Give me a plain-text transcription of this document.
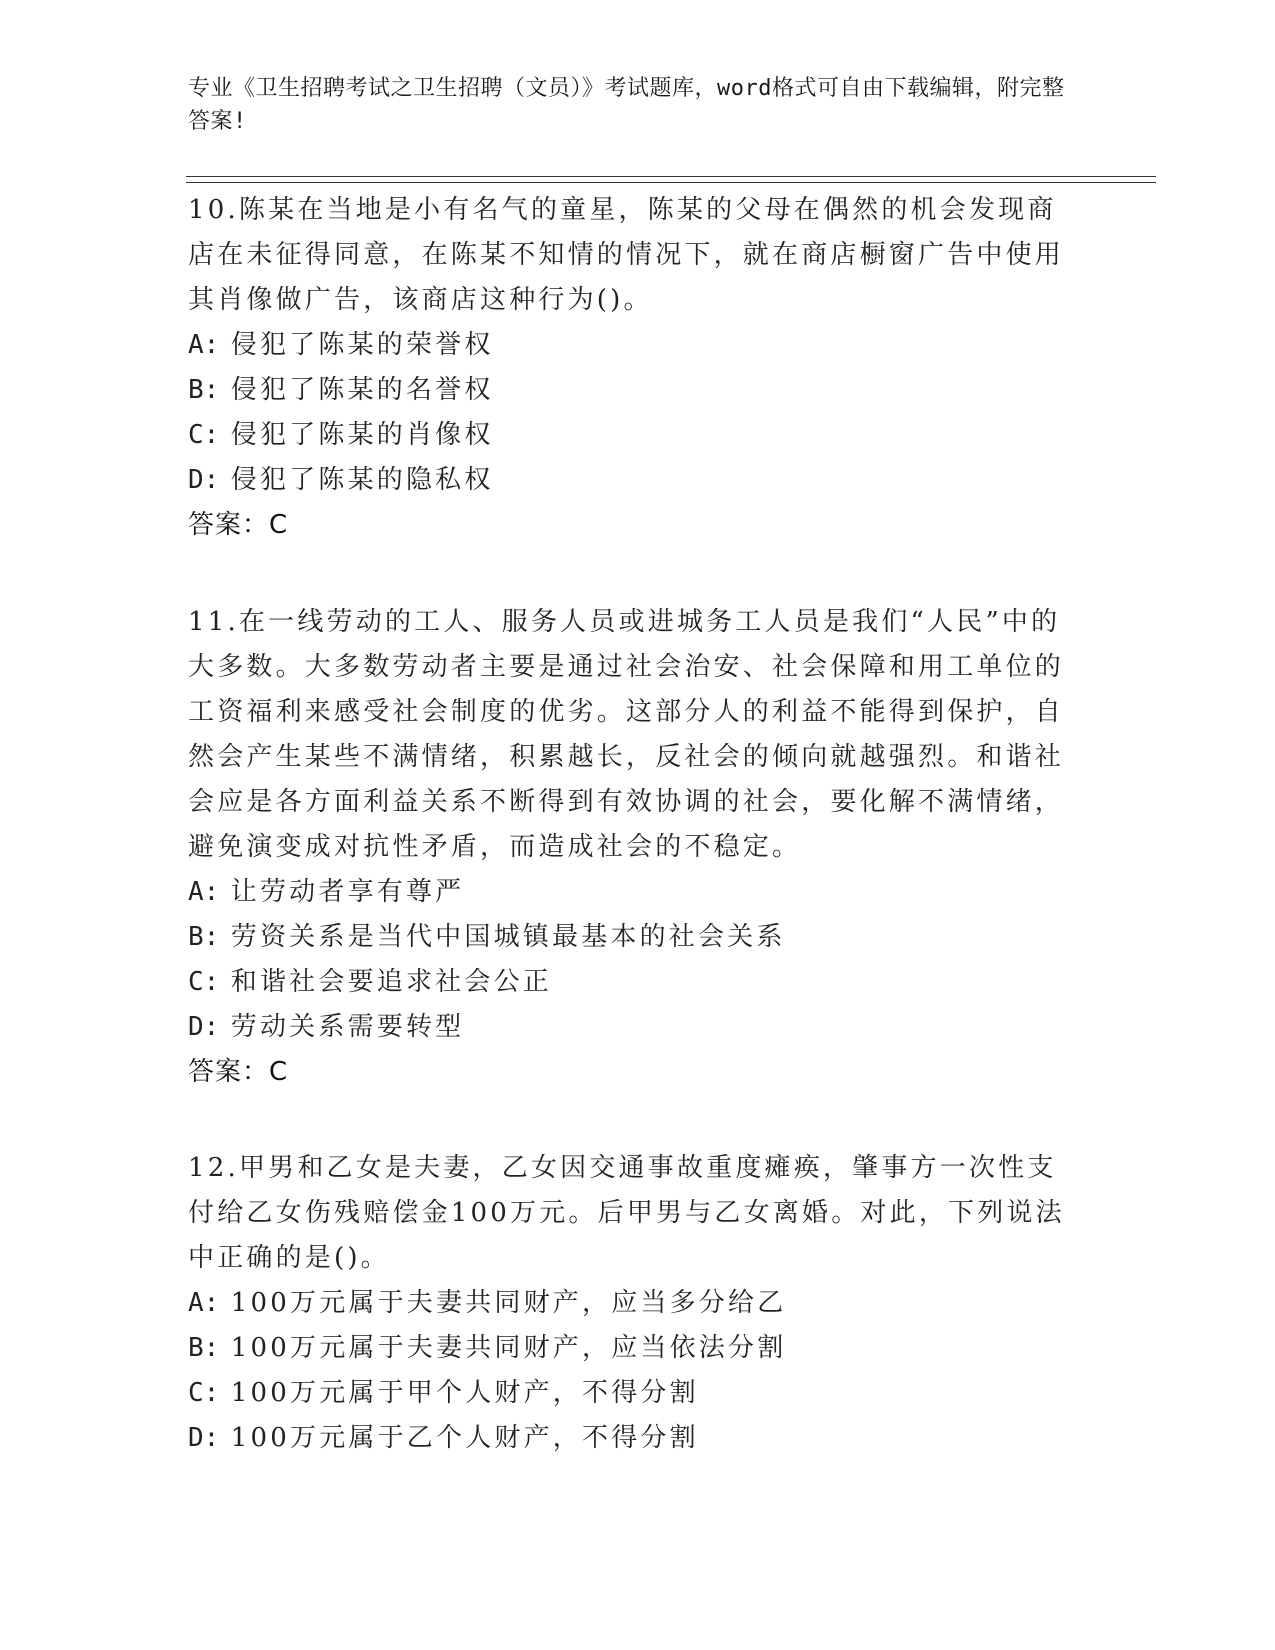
专业《卫生招聘考试之卫生招聘（文员）》考试题库，word格式可自由下载编辑，附完整答案!

10.陈某在当地是小有名气的童星，陈某的父母在偶然的机会发现商店在未征得同意，在陈某不知情的情况下，就在商店橱窗广告中使用其肖像做广告，该商店这种行为()。

A: 侵犯了陈某的荣誉权

B: 侵犯了陈某的名誉权

C: 侵犯了陈某的肖像权

D: 侵犯了陈某的隐私权

答案：C

11.在一线劳动的工人、服务人员或进城务工人员是我们“人民”中的大多数。大多数劳动者主要是通过社会治安、社会保障和用工单位的工资福利来感受社会制度的优劣。这部分人的利益不能得到保护，自然会产生某些不满情绪，积累越长，反社会的倾向就越强烈。和谐社会应是各方面利益关系不断得到有效协调的社会，要化解不满情绪，避免演变成对抗性矛盾，而造成社会的不稳定。

A: 让劳动者享有尊严

B: 劳资关系是当代中国城镇最基本的社会关系

C: 和谐社会要追求社会公正

D: 劳动关系需要转型

答案：C

12.甲男和乙女是夫妻，乙女因交通事故重度瘫痪，肇事方一次性支付给乙女伤残赔偿金100万元。后甲男与乙女离婚。对此，下列说法中正确的是()。

A: 100万元属于夫妻共同财产，应当多分给乙

B: 100万元属于夫妻共同财产，应当依法分割

C: 100万元属于甲个人财产，不得分割

D: 100万元属于乙个人财产，不得分割
